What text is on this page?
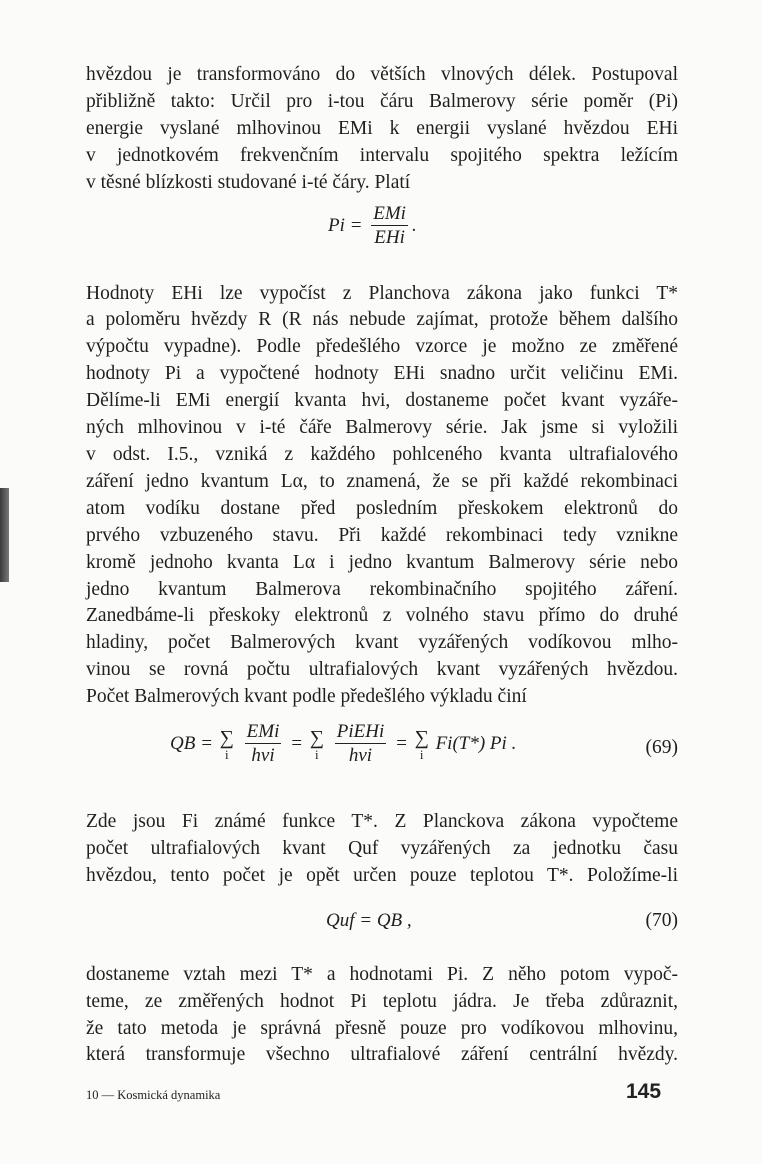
hvězdou je transformováno do větších vlnových délek. Postupoval
přibližně takto: Určil pro i-tou čáru Balmerovy série poměr (Pi)
energie vyslané mlhovinou EMi k energii vyslané hvězdou EHi
v jednotkovém frekvenčním intervalu spojitého spektra ležícím
v těsné blízkosti studované i-té čáry. Platí

$Pi = \frac{\text{EMi}}{\text{EHi}}$ .

Hodnoty EHi lze vypočíst z Planchova zákona jako funkci T*
a poloměru hvězdy R (R nás nebude zajímat, protože během dalšího
výpočtu vypadne). Podle předešlého vzorce je možno ze změřené
hodnoty Pi a vypočtené hodnoty EHi snadno určit veličinu EMi.
Dělíme-li EMi energií kvanta hνi, dostaneme počet kvant vyzáře-
ných mlhovinou v i-té čáře Balmerovy série. Jak jsme si vyložili
v odst. I.5., vzniká z každého pohlceného kvanta ultrafialového
záření jedno kvantum Lα, to znamená, že se při každé rekombinaci
atom vodíku dostane před posledním přeskokem elektronů do
prvého vzbuzeného stavu. Při každé rekombinaci tedy vznikne
kromě jednoho kvanta Lα i jedno kvantum Balmerovy série nebo
jedno kvantum Balmerova rekombinačního spojitého záření.
Zanedbáme-li přeskoky elektronů z volného stavu přímo do druhé
hladiny, počet Balmerových kvant vyzářených vodíkovou mlho-
vinou se rovná počtu ultrafialových kvant vyzářených hvězdou.
Počet Balmerových kvant podle předešlého výkladu činí

QB = ∑
i
$\frac{\text{EMi}}{\text{hνi}}$ = ∑
i
$\frac{\text{PiEHi}}{\text{hνi}}$ = ∑
i
Fi(T*) Pi .	(69)

Zde jsou Fi známé funkce T*. Z Planckova zákona vypočteme
počet ultrafialových kvant Quf vyzářených za jednotku času
hvězdou, tento počet je opět určen pouze teplotou T*. Položíme-li

Quf = QB ,	(70)

dostaneme vztah mezi T* a hodnotami Pi. Z něho potom vypoč-
teme, ze změřených hodnot Pi teplotu jádra. Je třeba zdůraznit,
že tato metoda je správná přesně pouze pro vodíkovou mlhovinu,
která transformuje všechno ultrafialové záření centrální hvězdy.

10 — Kosmická dynamika	145
